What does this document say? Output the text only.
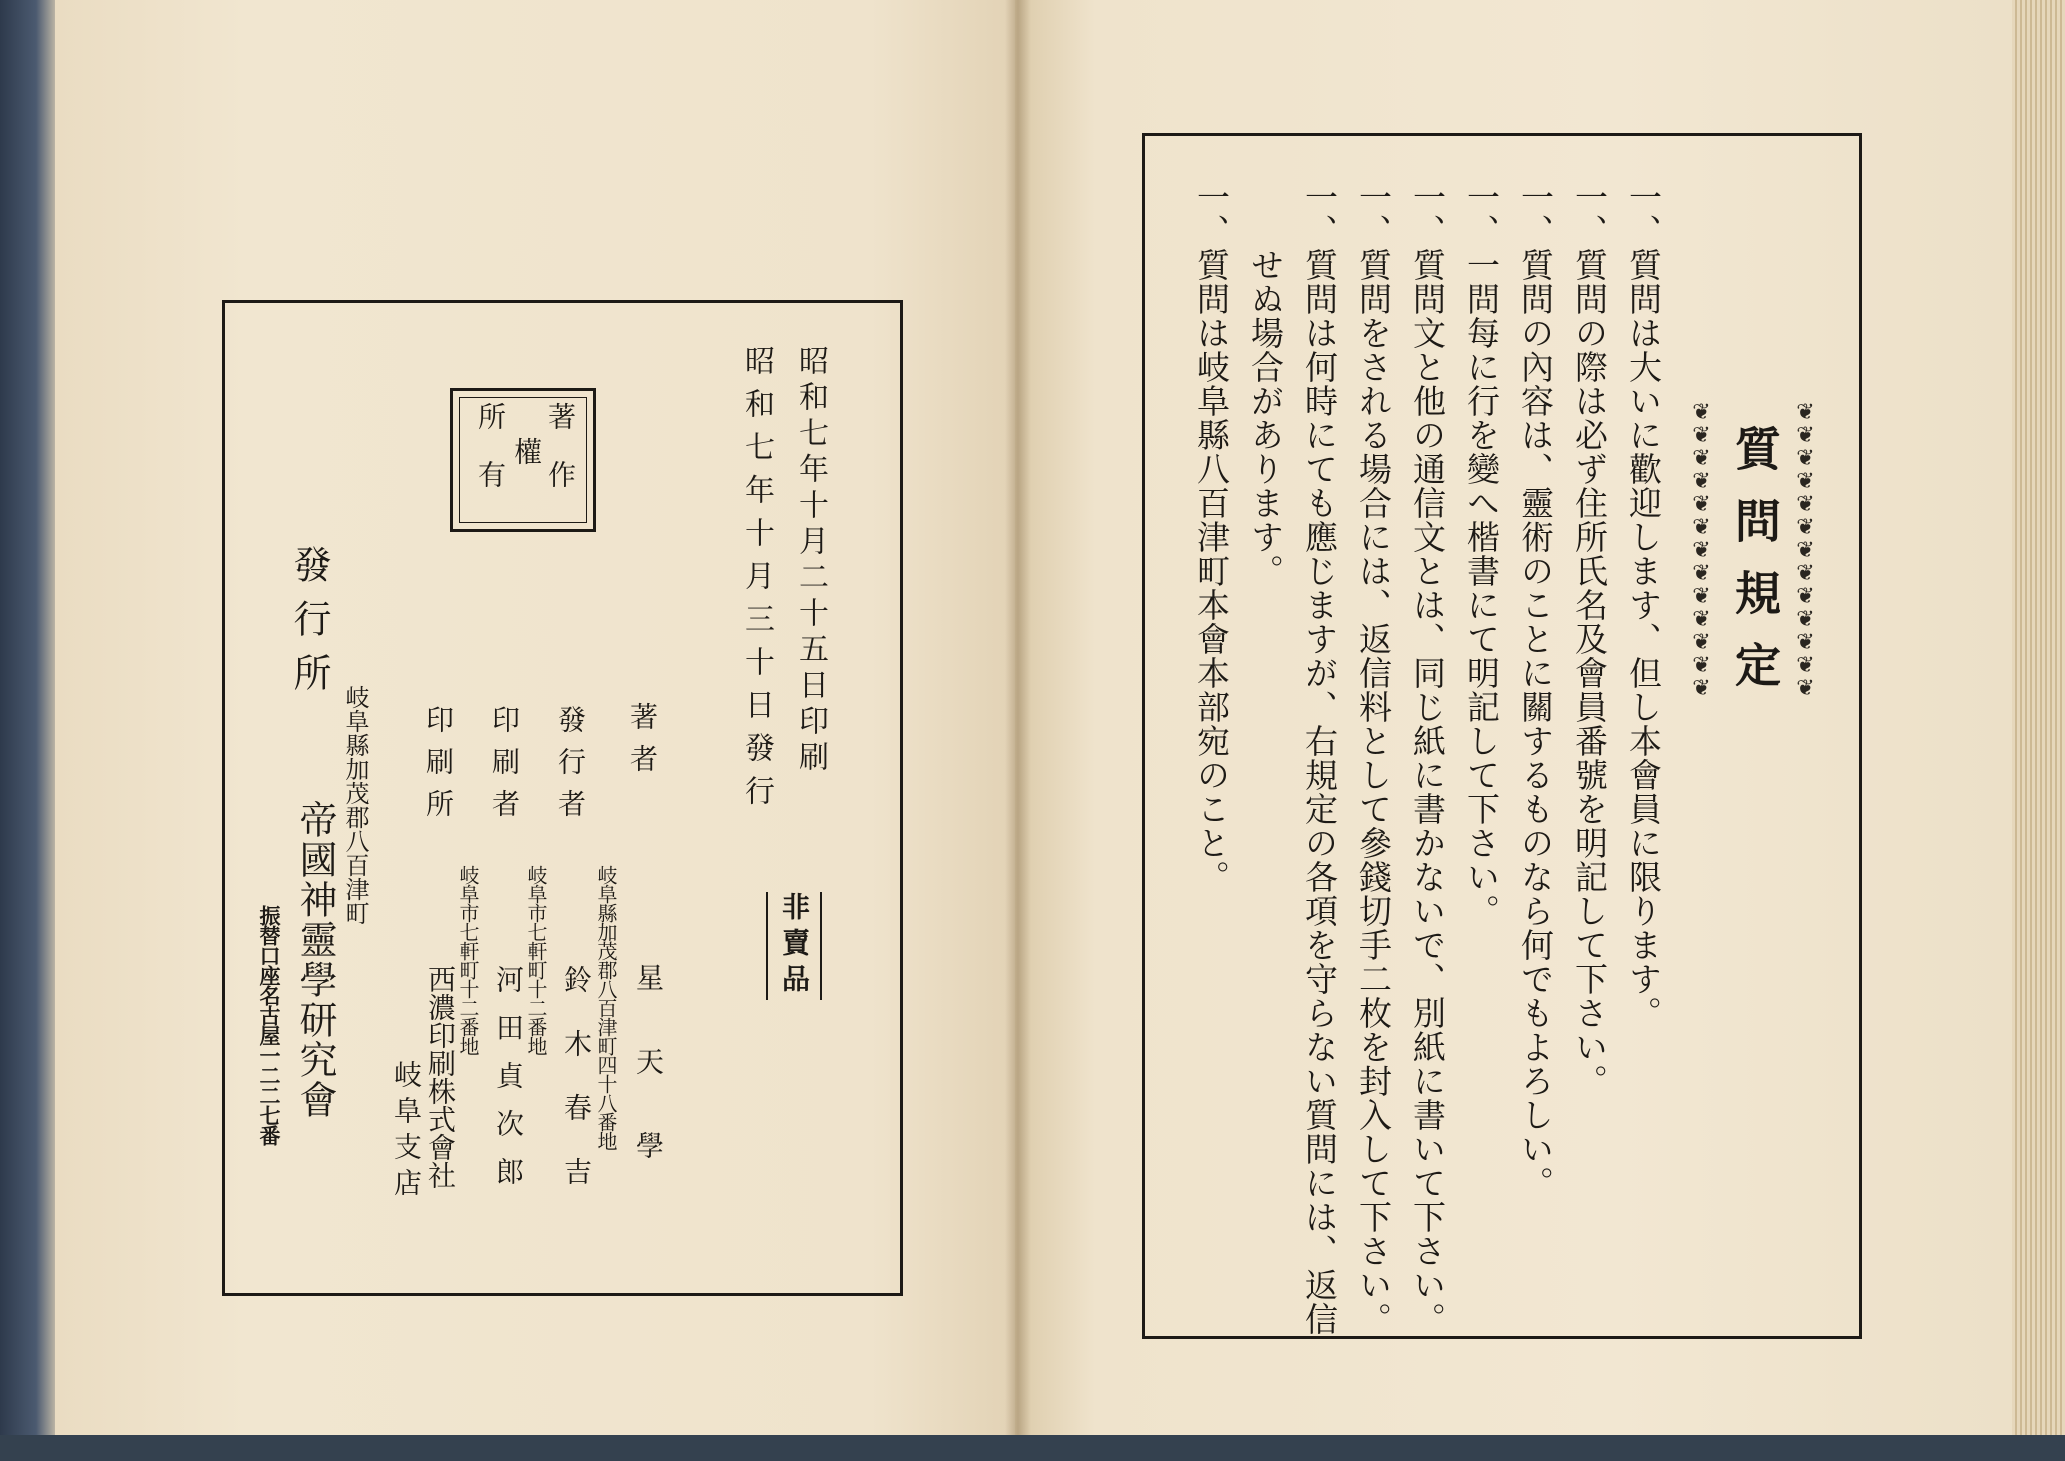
質問規定 ❦❦❦❦❦❦❦❦❦❦❦❦❦
❦❦❦❦❦❦❦❦❦❦❦❦❦
一、質問は大いに歡迎します、但し本會員に限ります。
一、質問の際は必ず住所氏名及會員番號を明記して下さい。
一、質問の內容は、靈術のことに關するものなら何でもよろしい。
一、一問每に行を變へ楷書にて明記して下さい。
一、質問文と他の通信文とは、同じ紙に書かないで、別紙に書いて下さい。
一、質問をされる場合には、返信料として參錢切手二枚を封入して下さい。
一、質問は何時にても應じますが、右規定の各項を守らない質問には、返信
　　せぬ場合があります。
一、質問は岐阜縣八百津町本會本部宛のこと。
昭和七年十月二十五日印刷
昭和七年十月三十日發行
著作
權
所有
非賣品
著者
星天學
發行者
岐阜縣加茂郡八百津町四十八番地
鈴木春吉
印刷者
岐阜市七軒町十二番地
河田貞次郎
印刷所
岐阜市七軒町十二番地
西濃印刷株式會社
岐阜支店
發行所
岐阜縣加茂郡八百津町
帝國神靈學研究會
振替口座名古屋一二二七番
